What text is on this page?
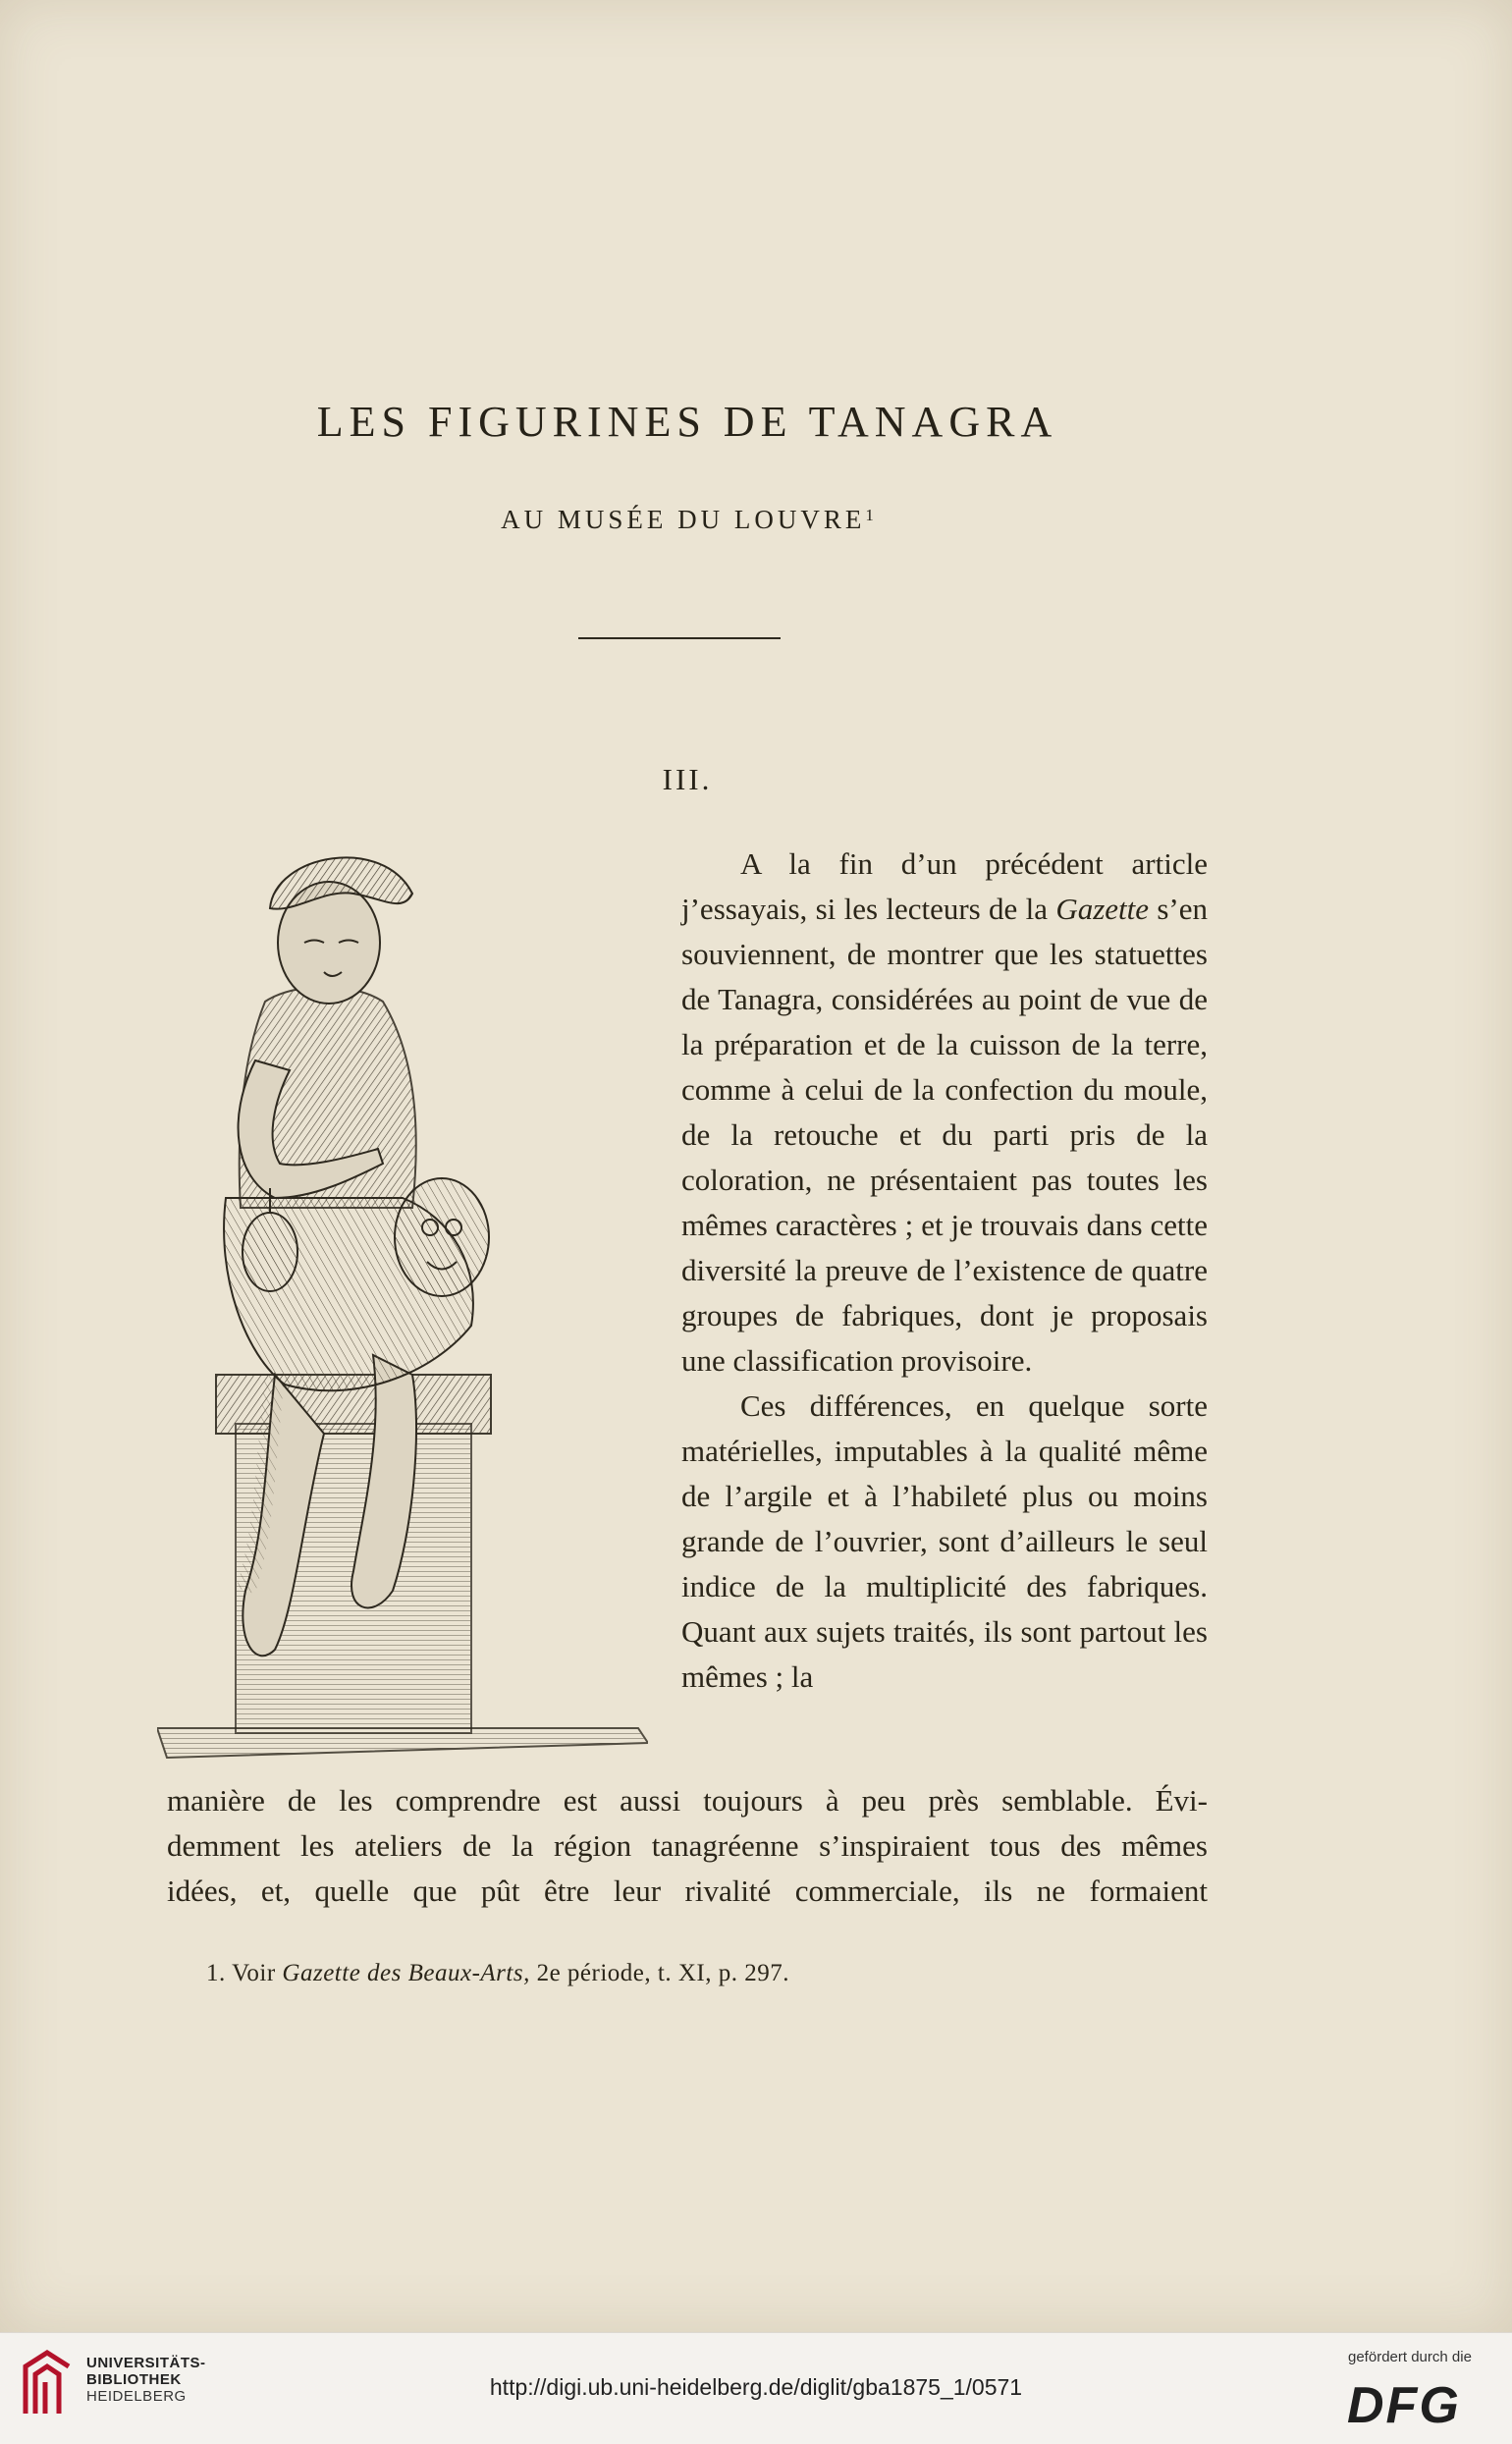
LES FIGURINES DE TANAGRA
AU MUSÉE DU LOUVRE$^1$
III.

A la fin d’un précédent article j’essayais, si les lecteurs de la Gazette s’en souviennent, de montrer que les statuettes de Tanagra, considérées au point de vue de la préparation et de la cuisson de la terre, comme à celui de la confection du moule, de la retouche et du parti pris de la coloration, ne présentaient pas toutes les mêmes caractères ; et je trouvais dans cette diversité la preuve de l’existence de quatre groupes de fabriques, dont je proposais une classification provisoire.

Ces différences, en quelque sorte matérielles, imputables à la qualité même de l’argile et à l’habileté plus ou moins grande de l’ouvrier, sont d’ailleurs le seul indice de la multiplicité des fabriques. Quant aux sujets traités, ils sont partout les mêmes ; la

manière de les comprendre est aussi toujours à peu près semblable. Évi-
demment les ateliers de la région tanagréenne s’inspiraient tous des mêmes
idées, et, quelle que pût être leur rivalité commerciale, ils ne formaient
1. Voir Gazette des Beaux-Arts, 2e période, t. XI, p. 297.
UNIVERSITÄTS-
BIBLIOTHEK
HEIDELBERG	http://digi.ub.uni-heidelberg.de/diglit/gba1875_1/0571
gefördert durch die
DFG
